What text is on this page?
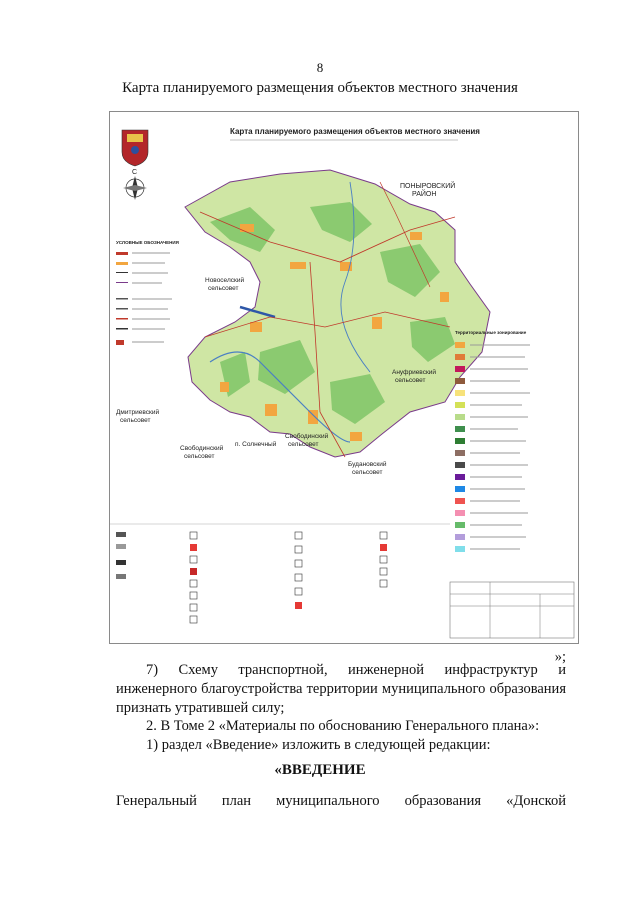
8
Карта планируемого размещения объектов местного значения
С
Карта планируемого размещения объектов местного значения
ПОНЫРОВСКИЙ РАЙОН
Новоселский сельсовет
Ануфриевский сельсовет
Дмитриевский сельсовет
Свободинский сельсовет
п. Солнечный
Свободинский сельсовет
Будановский сельсовет
УСЛОВНЫЕ ОБОЗНАЧЕНИЯ
Территориальные зонирование
»;
7) Схему транспортной, инженерной инфраструктур и инженерного благоустройства территории муниципального образования признать утратившей силу;
2. В Томе 2 «Материалы по обоснованию Генерального плана»:
1) раздел «Введение» изложить в следующей редакции:
«ВВЕДЕНИЕ
Генеральный план муниципального образования «Донской
